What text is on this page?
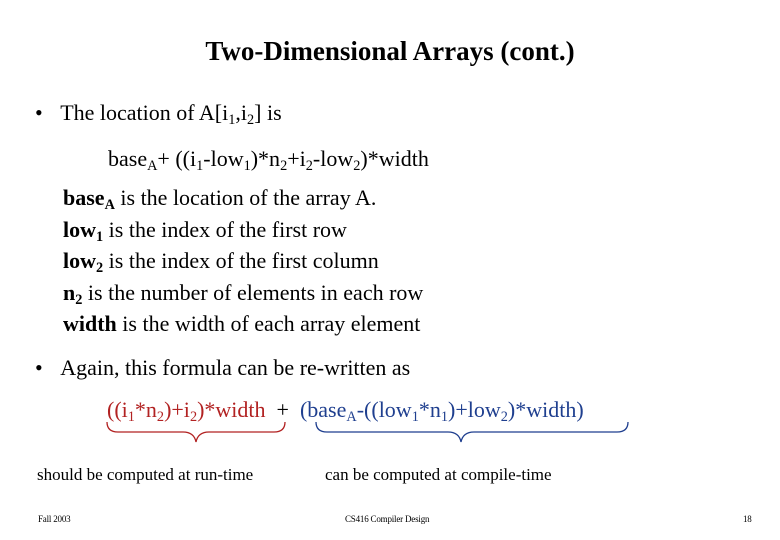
Two-Dimensional Arrays (cont.)
• The location of $A[i_1,i_2]$ is
base$_A$+ $((i_1-low_1)*n_2+i_2-low_2)*width$
base$_A$ is the location of the array A.
low$_1$ is the index of the first row
low$_2$ is the index of the first column
$n_2$ is the number of elements in each row
width is the width of each array element
• Again, this formula can be re-written as
$((i_1*n_2)+i_2)*width$  +  $(base_A-((low_1*n_1)+low_2)*width)$
should be computed at run-time	can be computed at compile-time
Fall 2003	CS416 Compiler Design	18
